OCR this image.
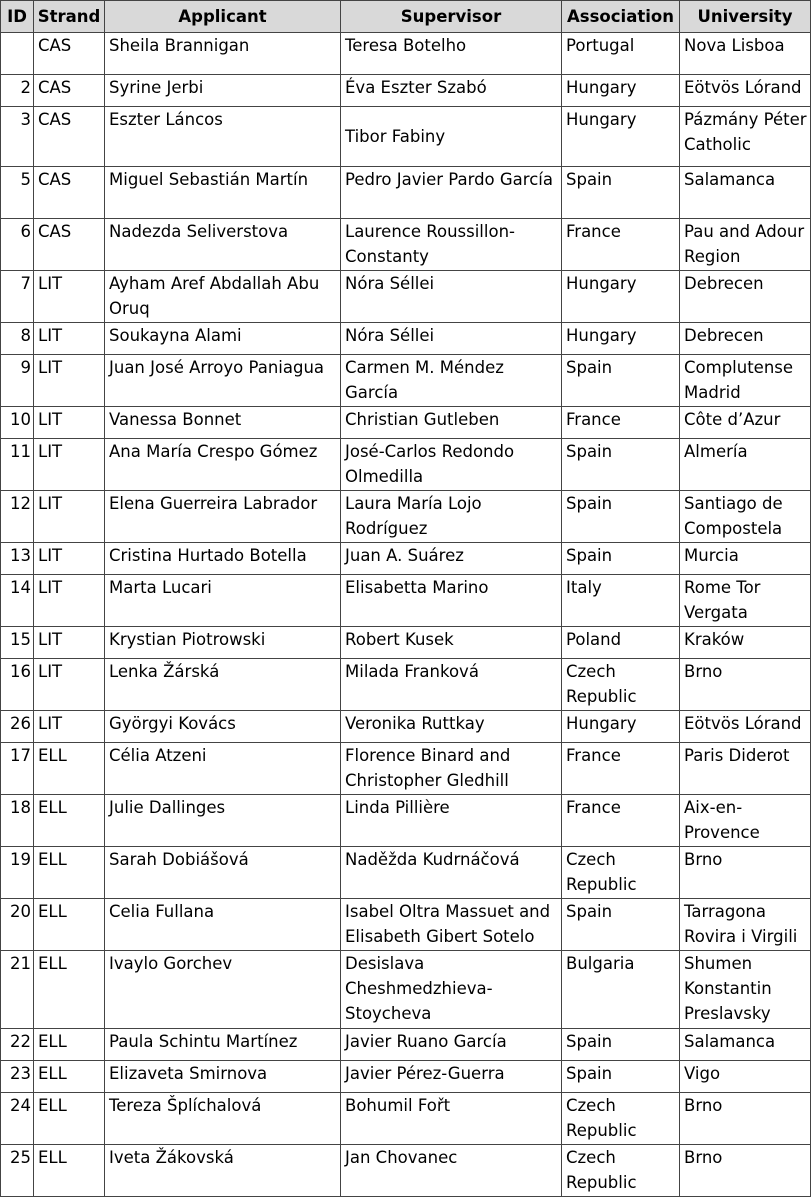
ID	Strand	Applicant	Supervisor	Association	University
	CAS	Sheila Brannigan	Teresa Botelho	Portugal	Nova Lisboa
2	CAS	Syrine Jerbi	Éva Eszter Szabó	Hungary	Eötvös Lórand
3	CAS	Eszter Láncos	Tibor Fabiny	Hungary	Pázmány Péter Catholic
5	CAS	Miguel Sebastián Martín	Pedro Javier Pardo García	Spain	Salamanca
6	CAS	Nadezda Seliverstova	Laurence Roussillon-Constanty	France	Pau and Adour Region
7	LIT	Ayham Aref Abdallah Abu Oruq	Nóra Séllei	Hungary	Debrecen
8	LIT	Soukayna Alami	Nóra Séllei	Hungary	Debrecen
9	LIT	Juan José Arroyo Paniagua	Carmen M. Méndez García	Spain	Complutense Madrid
10	LIT	Vanessa Bonnet	Christian Gutleben	France	Côte d’Azur
11	LIT	Ana María Crespo Gómez	José-Carlos Redondo Olmedilla	Spain	Almería
12	LIT	Elena Guerreira Labrador	Laura María Lojo Rodríguez	Spain	Santiago de Compostela
13	LIT	Cristina Hurtado Botella	Juan A. Suárez	Spain	Murcia
14	LIT	Marta Lucari	Elisabetta Marino	Italy	Rome Tor Vergata
15	LIT	Krystian Piotrowski	Robert Kusek	Poland	Kraków
16	LIT	Lenka Žárská	Milada Franková	Czech Republic	Brno
26	LIT	Györgyi Kovács	Veronika Ruttkay	Hungary	Eötvös Lórand
17	ELL	Célia Atzeni	Florence Binard and Christopher Gledhill	France	Paris Diderot
18	ELL	Julie Dallinges	Linda Pillière	France	Aix-en-Provence
19	ELL	Sarah Dobiášová	Naděžda Kudrnáčová	Czech Republic	Brno
20	ELL	Celia Fullana	Isabel Oltra Massuet and Elisabeth Gibert Sotelo	Spain	Tarragona Rovira i Virgili
21	ELL	Ivaylo Gorchev	Desislava Cheshmedzhieva-Stoycheva	Bulgaria	Shumen Konstantin Preslavsky
22	ELL	Paula Schintu Martínez	Javier Ruano García	Spain	Salamanca
23	ELL	Elizaveta Smirnova	Javier Pérez-Guerra	Spain	Vigo
24	ELL	Tereza Šplíchalová	Bohumil Fořt	Czech Republic	Brno
25	ELL	Iveta Žákovská	Jan Chovanec	Czech Republic	Brno
